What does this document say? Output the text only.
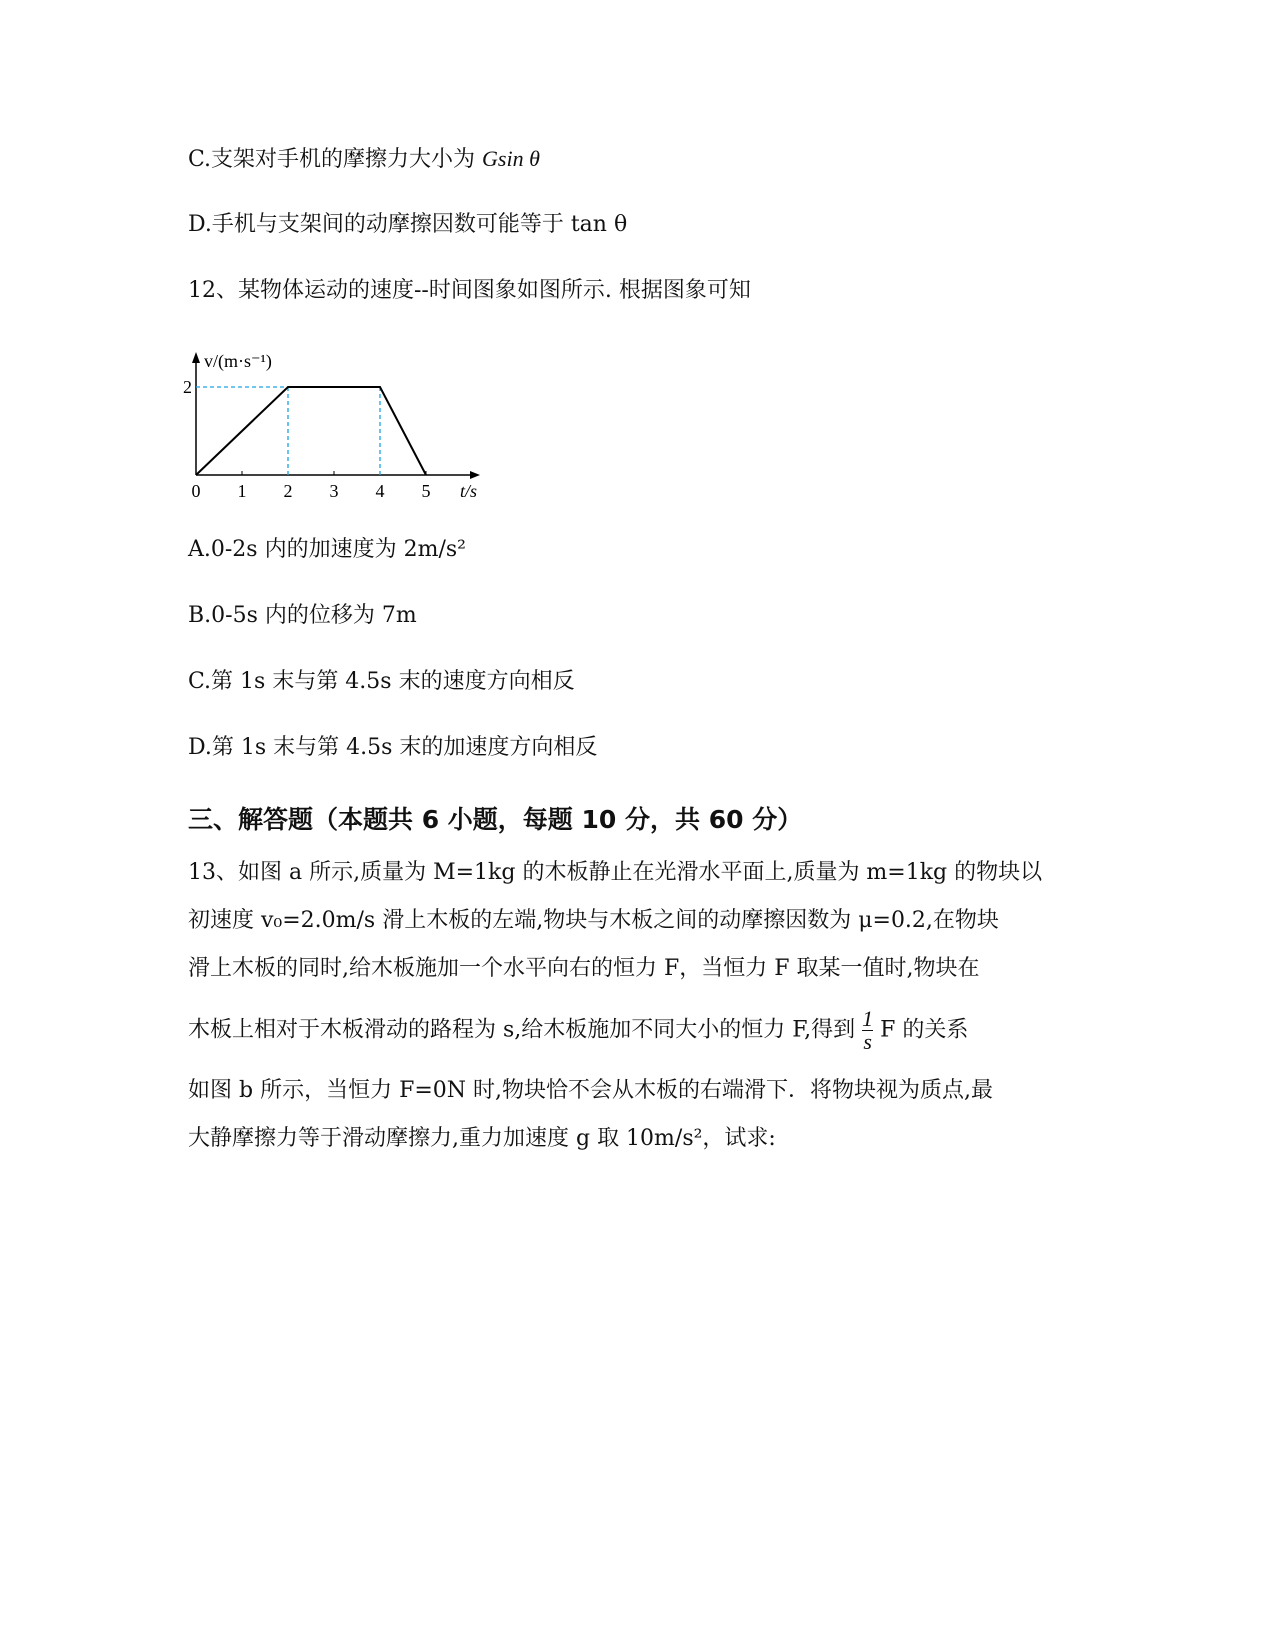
C.支架对手机的摩擦力大小为 Gsin θ
D.手机与支架间的动摩擦因数可能等于 tan θ
12、某物体运动的速度--时间图象如图所示. 根据图象可知
0 1 2 3 4 5
2
t/s
v/(m·s⁻¹)
A.0-2s 内的加速度为 2m/s²
B.0-5s 内的位移为 7m
C.第 1s 末与第 4.5s 末的速度方向相反
D.第 1s 末与第 4.5s 末的加速度方向相反
三、解答题（本题共 6 小题，每题 10 分，共 60 分）
13、如图 a 所示,质量为 M=1kg 的木板静止在光滑水平面上,质量为 m=1kg 的物块以
初速度 v₀=2.0m/s 滑上木板的左端,物块与木板之间的动摩擦因数为 μ=0.2,在物块
滑上木板的同时,给木板施加一个水平向右的恒力 F，当恒力 F 取某一值时,物块在
木板上相对于木板滑动的路程为 s,给木板施加不同大小的恒力 F,得到 $\frac{1}{s}$ F 的关系
如图 b 所示，当恒力 F=0N 时,物块恰不会从木板的右端滑下．将物块视为质点,最
大静摩擦力等于滑动摩擦力,重力加速度 g 取 10m/s²，试求:
